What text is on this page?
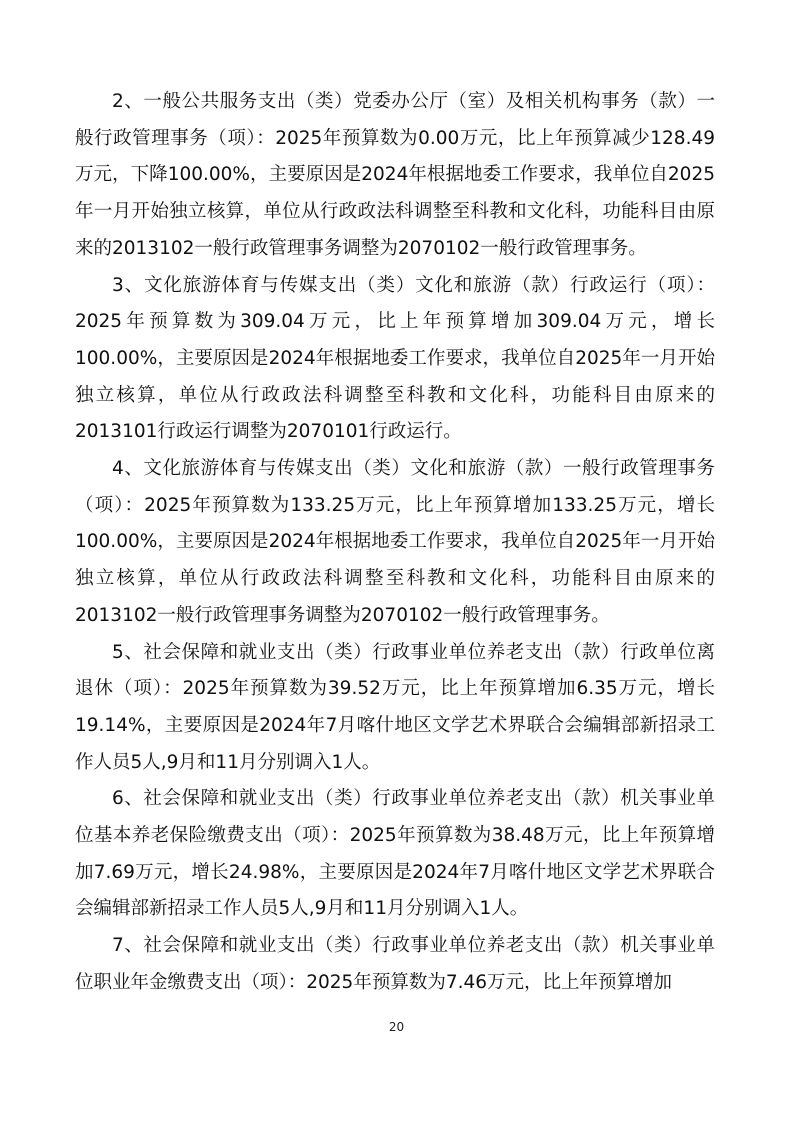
2、一般公共服务支出（类）党委办公厅（室）及相关机构事务（款）一般行政管理事务（项）：2025年预算数为0.00万元，比上年预算减少128.49万元，下降100.00%，主要原因是2024年根据地委工作要求，我单位自2025年一月开始独立核算，单位从行政政法科调整至科教和文化科，功能科目由原来的2013102一般行政管理事务调整为2070102一般行政管理事务。

3、文化旅游体育与传媒支出（类）文化和旅游（款）行政运行（项）：2025年预算数为309.04万元，比上年预算增加309.04万元，增长100.00%，主要原因是2024年根据地委工作要求，我单位自2025年一月开始独立核算，单位从行政政法科调整至科教和文化科，功能科目由原来的2013101行政运行调整为2070101行政运行。

4、文化旅游体育与传媒支出（类）文化和旅游（款）一般行政管理事务（项）：2025年预算数为133.25万元，比上年预算增加133.25万元，增长100.00%，主要原因是2024年根据地委工作要求，我单位自2025年一月开始独立核算，单位从行政政法科调整至科教和文化科，功能科目由原来的2013102一般行政管理事务调整为2070102一般行政管理事务。

5、社会保障和就业支出（类）行政事业单位养老支出（款）行政单位离退休（项）：2025年预算数为39.52万元，比上年预算增加6.35万元，增长19.14%，主要原因是2024年7月喀什地区文学艺术界联合会编辑部新招录工作人员5人,9月和11月分别调入1人。

6、社会保障和就业支出（类）行政事业单位养老支出（款）机关事业单位基本养老保险缴费支出（项）：2025年预算数为38.48万元，比上年预算增加7.69万元，增长24.98%，主要原因是2024年7月喀什地区文学艺术界联合会编辑部新招录工作人员5人,9月和11月分别调入1人。

7、社会保障和就业支出（类）行政事业单位养老支出（款）机关事业单位职业年金缴费支出（项）：2025年预算数为7.46万元，比上年预算增加

20
